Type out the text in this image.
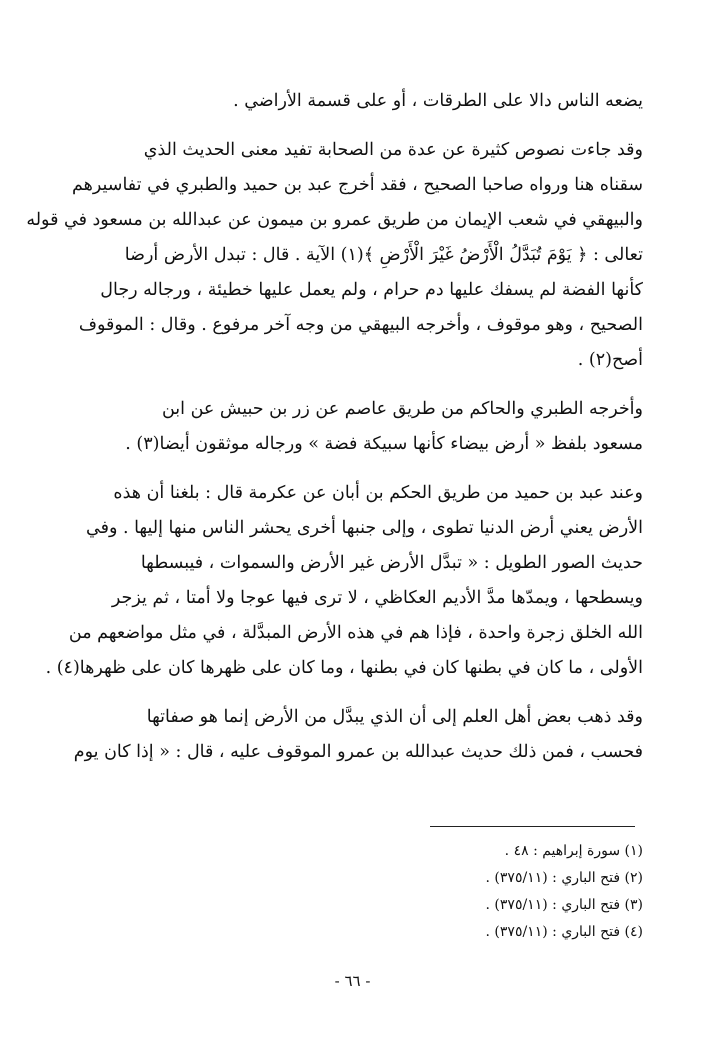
يضعه الناس دالا على الطرقات ، أو على قسمة الأراضي .

وقد جاءت نصوص كثيرة عن عدة من الصحابة تفيد معنى الحديث الذي
سقناه هنا ورواه صاحبا الصحيح ، فقد أخرج عبد بن حميد والطبري في تفاسيرهم
والبيهقي في شعب الإيمان من طريق عمرو بن ميمون عن عبدالله بن مسعود في قوله
تعالى : ﴿ يَوْمَ تُبَدَّلُ الْأَرْضُ غَيْرَ الْأَرْضِ ﴾(١) الآية . قال : تبدل الأرض أرضا
كأنها الفضة لم يسفك عليها دم حرام ، ولم يعمل عليها خطيئة ، ورجاله رجال
الصحيح ، وهو موقوف ، وأخرجه البيهقي من وجه آخر مرفوع . وقال : الموقوف
أصح(٢) .

وأخرجه الطبري والحاكم من طريق عاصم عن زر بن حبيش عن ابن
مسعود بلفظ « أرض بيضاء كأنها سبيكة فضة » ورجاله موثقون أيضا(٣) .

وعند عبد بن حميد من طريق الحكم بن أبان عن عكرمة قال : بلغنا أن هذه
الأرض يعني أرض الدنيا تطوى ، وإلى جنبها أخرى يحشر الناس منها إليها . وفي
حديث الصور الطويل : « تبدَّل الأرض غير الأرض والسموات ، فيبسطها
ويسطحها ، ويمدّها مدَّ الأديم العكاظي ، لا ترى فيها عوجا ولا أمتا ، ثم يزجر
الله الخلق زجرة واحدة ، فإذا هم في هذه الأرض المبدَّلة ، في مثل مواضعهم من
الأولى ، ما كان في بطنها كان في بطنها ، وما كان على ظهرها كان على ظهرها(٤) .

وقد ذهب بعض أهل العلم إلى أن الذي يبدَّل من الأرض إنما هو صفاتها
فحسب ، فمن ذلك حديث عبدالله بن عمرو الموقوف عليه ، قال : « إذا كان يوم

(١) سورة إبراهيم : ٤٨ .
(٢) فتح الباري : (٣٧٥/١١) .
(٣) فتح الباري : (٣٧٥/١١) .
(٤) فتح الباري : (٣٧٥/١١) .
- ٦٦ -
